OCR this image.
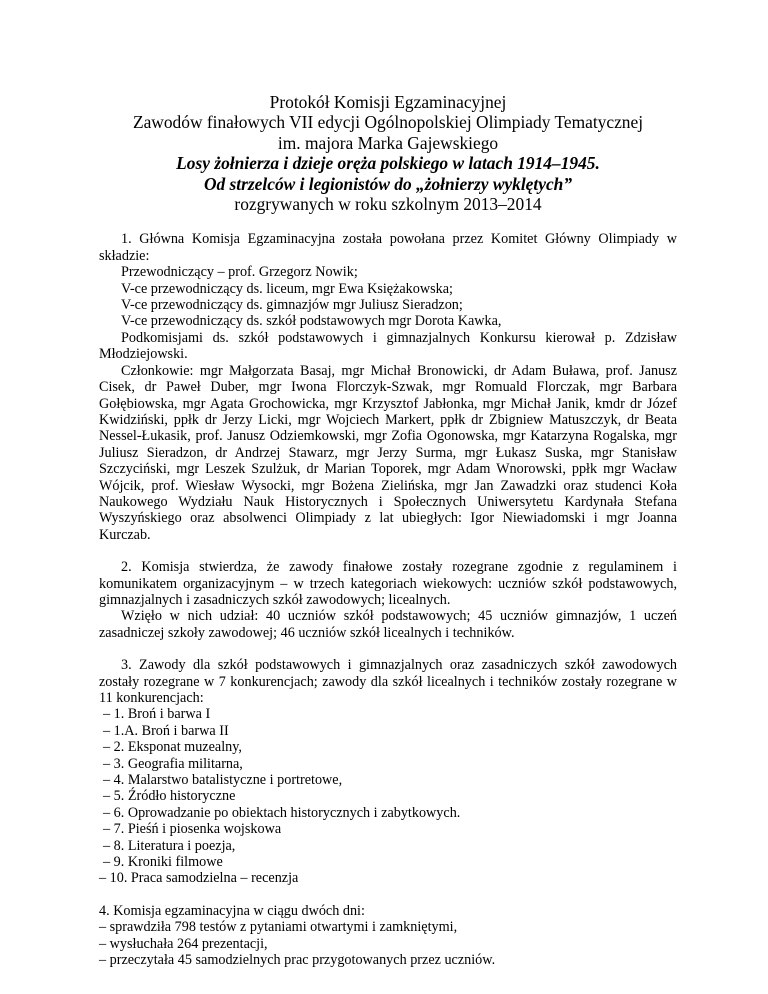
Protokół Komisji Egzaminacyjnej
Zawodów finałowych VII edycji Ogólnopolskiej Olimpiady Tematycznej
im. majora Marka Gajewskiego
Losy żołnierza i dzieje oręża polskiego w latach 1914–1945.
Od strzelców i legionistów do „żołnierzy wyklętych”
rozgrywanych w roku szkolnym 2013–2014

1. Główna Komisja Egzaminacyjna została powołana przez Komitet Główny Olimpiady w składzie:

Przewodniczący – prof. Grzegorz Nowik;

V-ce przewodniczący ds. liceum, mgr Ewa Księżakowska;

V-ce przewodniczący ds. gimnazjów mgr Juliusz Sieradzon;

V-ce przewodniczący ds. szkół podstawowych mgr Dorota Kawka,

Podkomisjami ds. szkół podstawowych i gimnazjalnych Konkursu kierował p. Zdzisław Młodziejowski.

Członkowie: mgr Małgorzata Basaj, mgr Michał Bronowicki, dr Adam Buława, prof. Janusz Cisek, dr Paweł Duber, mgr Iwona Florczyk-Szwak, mgr Romuald Florczak, mgr Barbara Gołębiowska, mgr Agata Grochowicka, mgr Krzysztof Jabłonka, mgr Michał Janik, kmdr dr Józef Kwidziński, ppłk dr Jerzy Licki, mgr Wojciech Markert, ppłk dr Zbigniew Matuszczyk, dr Beata Nessel-Łukasik, prof. Janusz Odziemkowski, mgr Zofia Ogonowska, mgr Katarzyna Rogalska, mgr Juliusz Sieradzon, dr Andrzej Stawarz, mgr Jerzy Surma, mgr Łukasz Suska, mgr Stanisław Szczyciński, mgr Leszek Szulżuk, dr Marian Toporek, mgr Adam Wnorowski, ppłk mgr Wacław Wójcik, prof. Wiesław Wysocki, mgr Bożena Zielińska, mgr Jan Zawadzki oraz studenci Koła Naukowego Wydziału Nauk Historycznych i Społecznych Uniwersytetu Kardynała Stefana Wyszyńskiego oraz absolwenci Olimpiady z lat ubiegłych: Igor Niewiadomski i mgr Joanna Kurczab.

2. Komisja stwierdza, że zawody finałowe zostały rozegrane zgodnie z regulaminem i komunikatem organizacyjnym – w trzech kategoriach wiekowych: uczniów szkół podstawowych, gimnazjalnych i zasadniczych szkół zawodowych; licealnych.

Wzięło w nich udział: 40 uczniów szkół podstawowych; 45 uczniów gimnazjów, 1 uczeń zasadniczej szkoły zawodowej; 46 uczniów szkół licealnych i techników.

3. Zawody dla szkół podstawowych i gimnazjalnych oraz zasadniczych szkół zawodowych zostały rozegrane w 7 konkurencjach; zawody dla szkół licealnych i techników zostały rozegrane w 11 konkurencjach:

– 1. Broń i barwa I
– 1.A. Broń i barwa II
– 2. Eksponat muzealny,
– 3. Geografia militarna,
– 4. Malarstwo batalistyczne i portretowe,
– 5. Źródło historyczne
– 6. Oprowadzanie po obiektach historycznych i zabytkowych.
– 7. Pieśń i piosenka wojskowa
– 8. Literatura i poezja,
– 9. Kroniki filmowe
– 10. Praca samodzielna – recenzja

4. Komisja egzaminacyjna w ciągu dwóch dni:

– sprawdziła 798 testów z pytaniami otwartymi i zamkniętymi,
– wysłuchała 264 prezentacji,
– przeczytała 45 samodzielnych prac przygotowanych przez uczniów.
